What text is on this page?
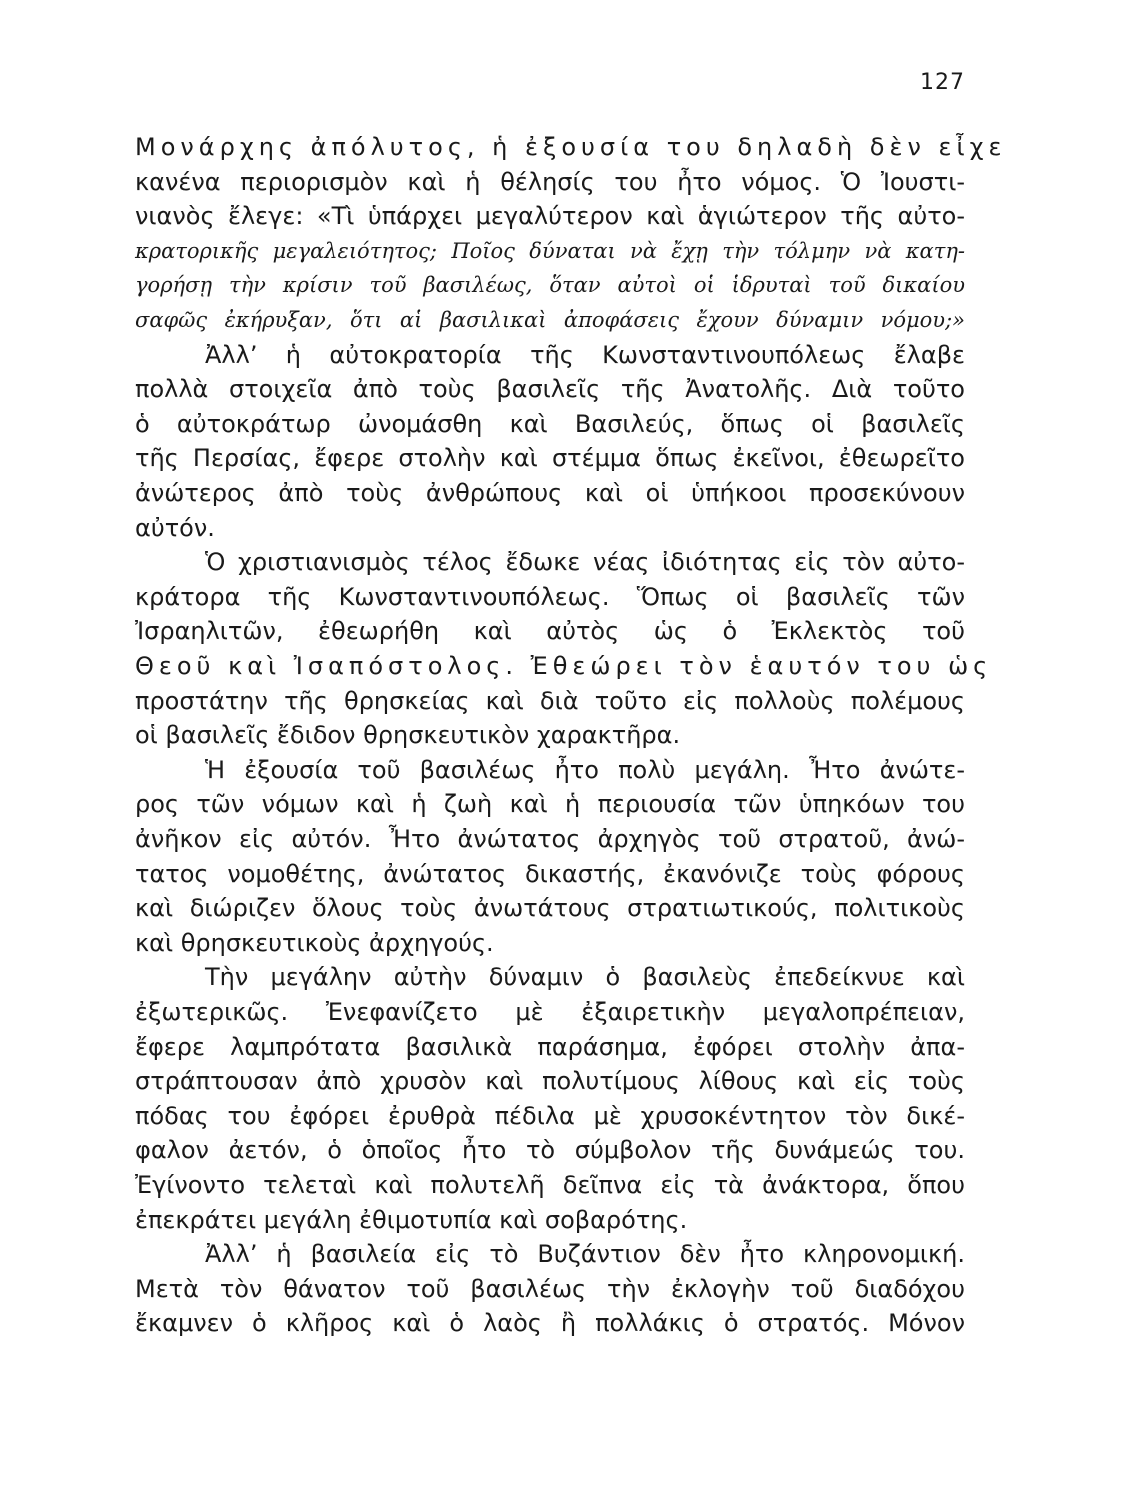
127
Μονάρχης ἀπόλυτος, ἡ ἐξουσία του δηλαδὴ δὲν εἶχε
κανένα περιορισμὸν καὶ ἡ θέλησίς του ἦτο νόμος. Ὁ Ἰουστι-
νιανὸς ἔλεγε: «Τὶ ὑπάρχει μεγαλύτερον καὶ ἁγιώτερον τῆς αὐτο-
κρατορικῆς μεγαλειότητος; Ποῖος δύναται νὰ ἔχῃ τὴν τόλμην νὰ κατη-
γορήσῃ τὴν κρίσιν τοῦ βασιλέως, ὅταν αὐτοὶ οἱ ἱδρυταὶ τοῦ δικαίου
σαφῶς ἐκήρυξαν, ὅτι αἱ βασιλικαὶ ἀποφάσεις ἔχουν δύναμιν νόμου;»
Ἀλλ’ ἡ αὐτοκρατορία τῆς Κωνσταντινουπόλεως ἔλαβε
πολλὰ στοιχεῖα ἀπὸ τοὺς βασιλεῖς τῆς Ἀνατολῆς. Διὰ τοῦτο
ὁ αὐτοκράτωρ ὠνομάσθη καὶ Βασιλεύς, ὅπως οἱ βασιλεῖς
τῆς Περσίας, ἔφερε στολὴν καὶ στέμμα ὅπως ἐκεῖνοι, ἐθεωρεῖτο
ἀνώτερος ἀπὸ τοὺς ἀνθρώπους καὶ οἱ ὑπήκοοι προσεκύνουν
αὐτόν.
Ὁ χριστιανισμὸς τέλος ἔδωκε νέας ἰδιότητας εἰς τὸν αὐτο-
κράτορα τῆς Κωνσταντινουπόλεως. Ὅπως οἱ βασιλεῖς τῶν
Ἰσραηλιτῶν, ἐθεωρήθη καὶ αὐτὸς ὡς ὁ Ἐκλεκτὸς τοῦ
Θεοῦ καὶ Ἰσαπόστολος. Ἐθεώρει τὸν ἑαυτόν του ὡς
προστάτην τῆς θρησκείας καὶ διὰ τοῦτο εἰς πολλοὺς πολέμους
οἱ βασιλεῖς ἔδιδον θρησκευτικὸν χαρακτῆρα.
Ἡ ἐξουσία τοῦ βασιλέως ἦτο πολὺ μεγάλη. Ἦτο ἀνώτε-
ρος τῶν νόμων καὶ ἡ ζωὴ καὶ ἡ περιουσία τῶν ὑπηκόων του
ἀνῆκον εἰς αὐτόν. Ἦτο ἀνώτατος ἀρχηγὸς τοῦ στρατοῦ, ἀνώ-
τατος νομοθέτης, ἀνώτατος δικαστής, ἐκανόνιζε τοὺς φόρους
καὶ διώριζεν ὅλους τοὺς ἀνωτάτους στρατιωτικούς, πολιτικοὺς
καὶ θρησκευτικοὺς ἀρχηγούς.
Τὴν μεγάλην αὐτὴν δύναμιν ὁ βασιλεὺς ἐπεδείκνυε καὶ
ἐξωτερικῶς. Ἐνεφανίζετο μὲ ἐξαιρετικὴν μεγαλοπρέπειαν,
ἔφερε λαμπρότατα βασιλικὰ παράσημα, ἐφόρει στολὴν ἀπα-
στράπτουσαν ἀπὸ χρυσὸν καὶ πολυτίμους λίθους καὶ εἰς τοὺς
πόδας του ἐφόρει ἐρυθρὰ πέδιλα μὲ χρυσοκέντητον τὸν δικέ-
φαλον ἀετόν, ὁ ὁποῖος ἦτο τὸ σύμβολον τῆς δυνάμεώς του.
Ἐγίνοντο τελεταὶ καὶ πολυτελῆ δεῖπνα εἰς τὰ ἀνάκτορα, ὅπου
ἐπεκράτει μεγάλη ἐθιμοτυπία καὶ σοβαρότης.
Ἀλλ’ ἡ βασιλεία εἰς τὸ Βυζάντιον δὲν ἦτο κληρονομική.
Μετὰ τὸν θάνατον τοῦ βασιλέως τὴν ἐκλογὴν τοῦ διαδόχου
ἔκαμνεν ὁ κλῆρος καὶ ὁ λαὸς ἢ πολλάκις ὁ στρατός. Μόνον
